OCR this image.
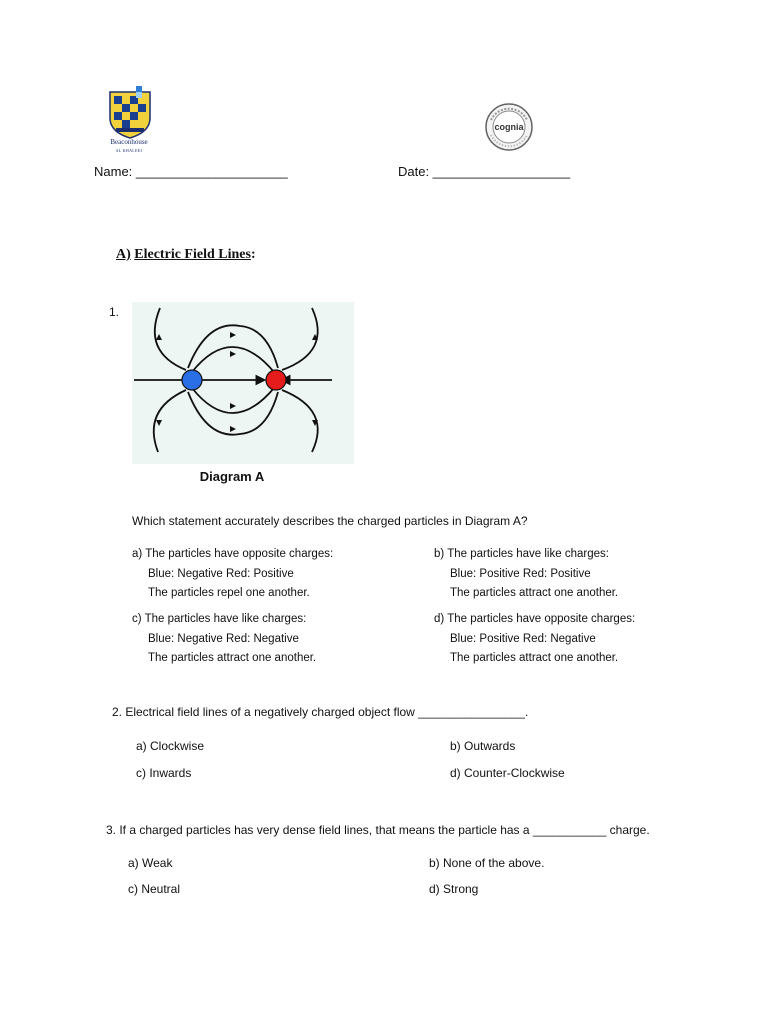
Beaconhouse
AL KHALEEJ
cognia
Name: _____________________	Date: ___________________
A) Electric Field Lines:
1.
Diagram A
Which statement accurately describes the charged particles in Diagram A?
a) The particles have opposite charges:
Blue: Negative Red: Positive
The particles repel one another.
b) The particles have like charges:
Blue: Positive Red: Positive
The particles attract one another.
c) The particles have like charges:
Blue: Negative Red: Negative
The particles attract one another.
d) The particles have opposite charges:
Blue: Positive Red: Negative
The particles attract one another.
2. Electrical field lines of a negatively charged object flow ________________.
a) Clockwise	b) Outwards
c) Inwards	d) Counter-Clockwise
3. If a charged particles has very dense field lines, that means the particle has a ___________ charge.
a) Weak	b) None of the above.
c) Neutral	d) Strong
